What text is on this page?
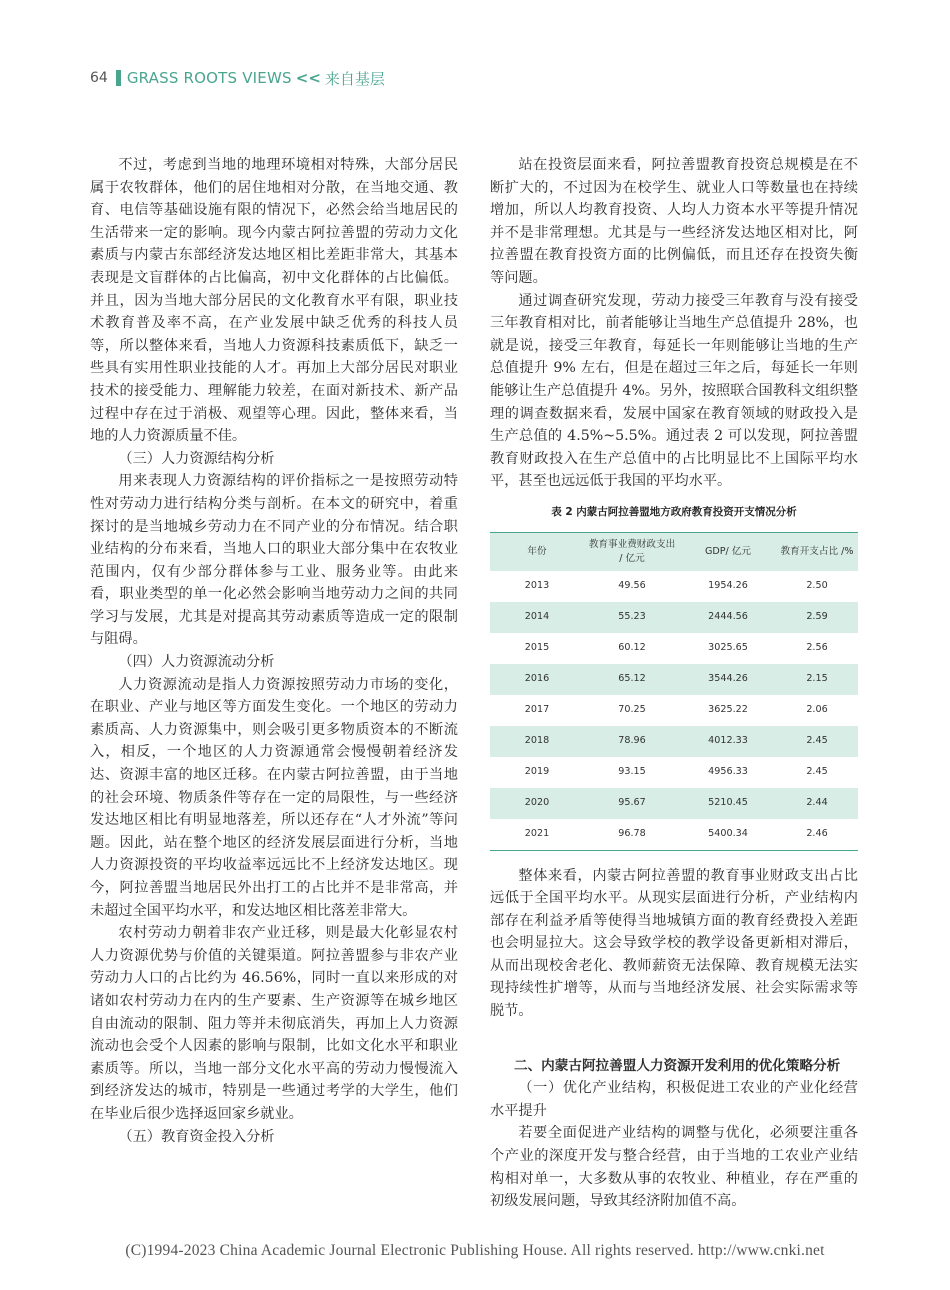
64 GRASS ROOTS VIEWS << 来自基层

不过，考虑到当地的地理环境相对特殊，大部分居民属于农牧群体，他们的居住地相对分散，在当地交通、教育、电信等基础设施有限的情况下，必然会给当地居民的生活带来一定的影响。现今内蒙古阿拉善盟的劳动力文化素质与内蒙古东部经济发达地区相比差距非常大，其基本表现是文盲群体的占比偏高，初中文化群体的占比偏低。并且，因为当地大部分居民的文化教育水平有限，职业技术教育普及率不高，在产业发展中缺乏优秀的科技人员等，所以整体来看，当地人力资源科技素质低下，缺乏一些具有实用性职业技能的人才。再加上大部分居民对职业技术的接受能力、理解能力较差，在面对新技术、新产品过程中存在过于消极、观望等心理。因此，整体来看，当地的人力资源质量不佳。

（三）人力资源结构分析

用来表现人力资源结构的评价指标之一是按照劳动特性对劳动力进行结构分类与剖析。在本文的研究中，着重探讨的是当地城乡劳动力在不同产业的分布情况。结合职业结构的分布来看，当地人口的职业大部分集中在农牧业范围内，仅有少部分群体参与工业、服务业等。由此来看，职业类型的单一化必然会影响当地劳动力之间的共同学习与发展，尤其是对提高其劳动素质等造成一定的限制与阻碍。

（四）人力资源流动分析

人力资源流动是指人力资源按照劳动力市场的变化，在职业、产业与地区等方面发生变化。一个地区的劳动力素质高、人力资源集中，则会吸引更多物质资本的不断流入，相反，一个地区的人力资源通常会慢慢朝着经济发达、资源丰富的地区迁移。在内蒙古阿拉善盟，由于当地的社会环境、物质条件等存在一定的局限性，与一些经济发达地区相比有明显地落差，所以还存在“人才外流”等问题。因此，站在整个地区的经济发展层面进行分析，当地人力资源投资的平均收益率远远比不上经济发达地区。现今，阿拉善盟当地居民外出打工的占比并不是非常高，并未超过全国平均水平，和发达地区相比落差非常大。

农村劳动力朝着非农产业迁移，则是最大化彰显农村人力资源优势与价值的关键渠道。阿拉善盟参与非农产业劳动力人口的占比约为 46.56%，同时一直以来形成的对诸如农村劳动力在内的生产要素、生产资源等在城乡地区自由流动的限制、阻力等并未彻底消失，再加上人力资源流动也会受个人因素的影响与限制，比如文化水平和职业素质等。所以，当地一部分文化水平高的劳动力慢慢流入到经济发达的城市，特别是一些通过考学的大学生，他们在毕业后很少选择返回家乡就业。

（五）教育资金投入分析

站在投资层面来看，阿拉善盟教育投资总规模是在不断扩大的，不过因为在校学生、就业人口等数量也在持续增加，所以人均教育投资、人均人力资本水平等提升情况并不是非常理想。尤其是与一些经济发达地区相对比，阿拉善盟在教育投资方面的比例偏低，而且还存在投资失衡等问题。

通过调查研究发现，劳动力接受三年教育与没有接受三年教育相对比，前者能够让当地生产总值提升 28%，也就是说，接受三年教育，每延长一年则能够让当地的生产总值提升 9% 左右，但是在超过三年之后，每延长一年则能够让生产总值提升 4%。另外，按照联合国教科文组织整理的调查数据来看，发展中国家在教育领域的财政投入是生产总值的 4.5%~5.5%。通过表 2 可以发现，阿拉善盟教育财政投入在生产总值中的占比明显比不上国际平均水平，甚至也远远低于我国的平均水平。

表 2 内蒙古阿拉善盟地方政府教育投资开支情况分析
年份	教育事业费财政支出 / 亿元	GDP/ 亿元	教育开支占比 /%
2013	49.56	1954.26	2.50
2014	55.23	2444.56	2.59
2015	60.12	3025.65	2.56
2016	65.12	3544.26	2.15
2017	70.25	3625.22	2.06
2018	78.96	4012.33	2.45
2019	93.15	4956.33	2.45
2020	95.67	5210.45	2.44
2021	96.78	5400.34	2.46

整体来看，内蒙古阿拉善盟的教育事业财政支出占比远低于全国平均水平。从现实层面进行分析，产业结构内部存在利益矛盾等使得当地城镇方面的教育经费投入差距也会明显拉大。这会导致学校的教学设备更新相对滞后，从而出现校舍老化、教师薪资无法保障、教育规模无法实现持续性扩增等，从而与当地经济发展、社会实际需求等脱节。

二、内蒙古阿拉善盟人力资源开发利用的优化策略分析

（一）优化产业结构，积极促进工农业的产业化经营水平提升

若要全面促进产业结构的调整与优化，必须要注重各个产业的深度开发与整合经营，由于当地的工农业产业结构相对单一，大多数从事的农牧业、种植业，存在严重的初级发展问题，导致其经济附加值不高。

(C)1994-2023 China Academic Journal Electronic Publishing House. All rights reserved. http://www.cnki.net
